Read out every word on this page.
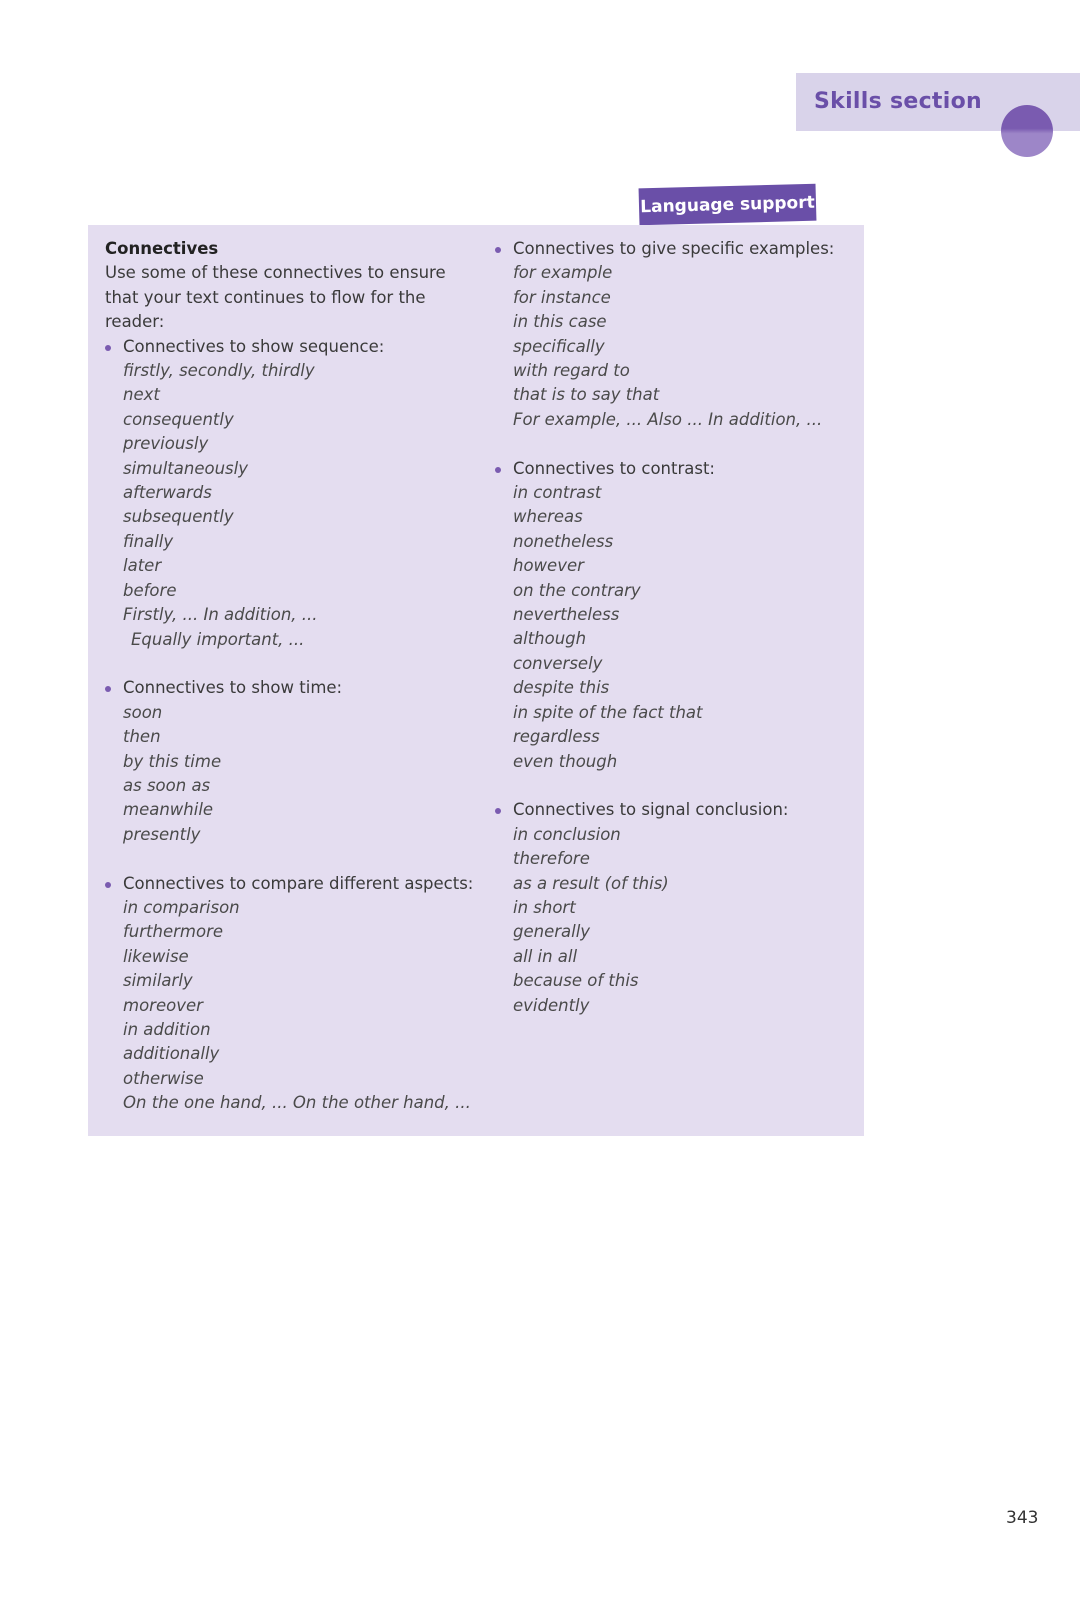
Skills section
Language support
Connectives
Use some of these connectives to ensure
that your text continues to flow for the
reader:
Connectives to show sequence:
firstly, secondly, thirdly
next
consequently
previously
simultaneously
afterwards
subsequently
finally
later
before
Firstly, ... In addition, ...
Equally important, ...
Connectives to show time:
soon
then
by this time
as soon as
meanwhile
presently
Connectives to compare different aspects:
in comparison
furthermore
likewise
similarly
moreover
in addition
additionally
otherwise
On the one hand, ... On the other hand, ...
Connectives to give specific examples:
for example
for instance
in this case
specifically
with regard to
that is to say that
For example, ... Also ... In addition, ...
Connectives to contrast:
in contrast
whereas
nonetheless
however
on the contrary
nevertheless
although
conversely
despite this
in spite of the fact that
regardless
even though
Connectives to signal conclusion:
in conclusion
therefore
as a result (of this)
in short
generally
all in all
because of this
evidently
343
